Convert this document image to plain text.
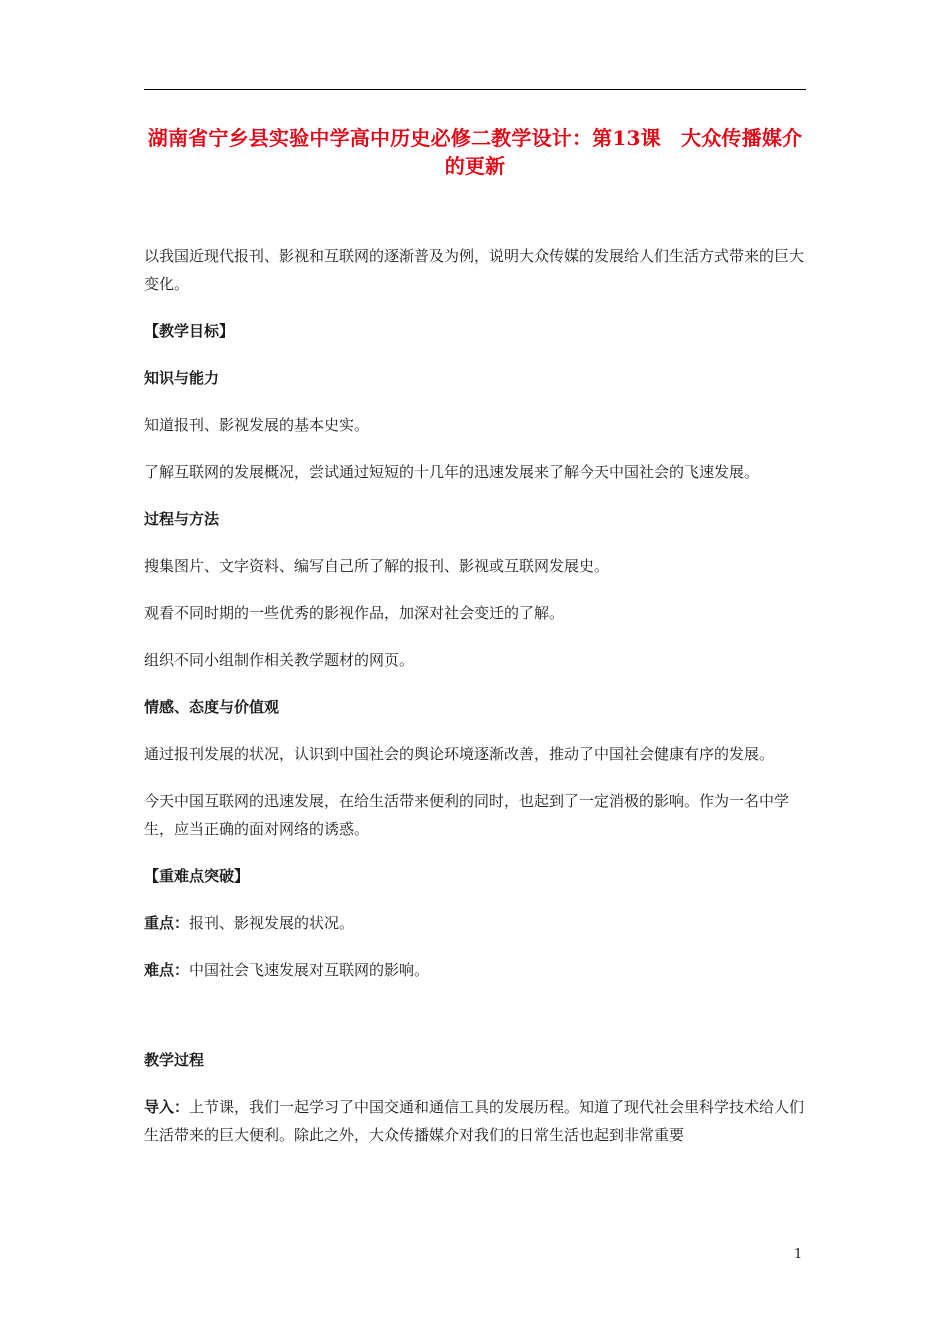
湖南省宁乡县实验中学高中历史必修二教学设计：第13课　大众传播媒介的更新

以我国近现代报刊、影视和互联网的逐渐普及为例，说明大众传媒的发展给人们生活方式带来的巨大变化。

【教学目标】

知识与能力

知道报刊、影视发展的基本史实。

了解互联网的发展概况，尝试通过短短的十几年的迅速发展来了解今天中国社会的飞速发展。

过程与方法

搜集图片、文字资料、编写自己所了解的报刊、影视或互联网发展史。

观看不同时期的一些优秀的影视作品，加深对社会变迁的了解。

组织不同小组制作相关教学题材的网页。

情感、态度与价值观

通过报刊发展的状况，认识到中国社会的舆论环境逐渐改善，推动了中国社会健康有序的发展。

今天中国互联网的迅速发展，在给生活带来便利的同时，也起到了一定消极的影响。作为一名中学生，应当正确的面对网络的诱惑。

【重难点突破】

重点：报刊、影视发展的状况。

难点：中国社会飞速发展对互联网的影响。

教学过程

导入：上节课，我们一起学习了中国交通和通信工具的发展历程。知道了现代社会里科学技术给人们生活带来的巨大便利。除此之外，大众传播媒介对我们的日常生活也起到非常重要

1
